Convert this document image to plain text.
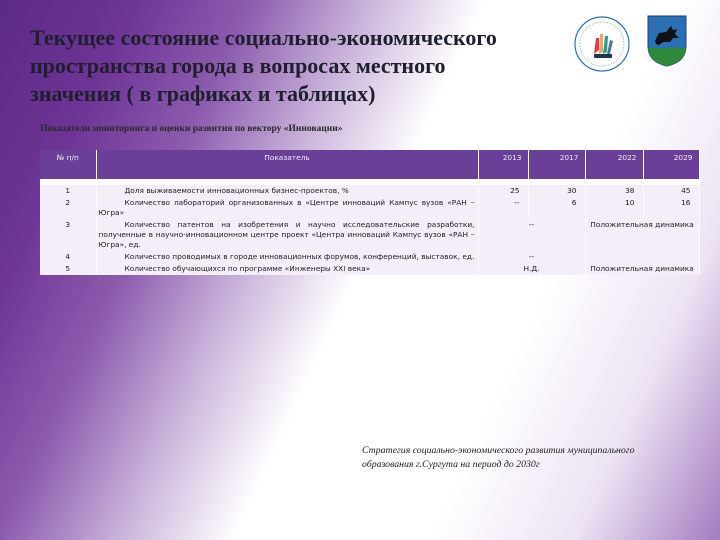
Текущее состояние социально-экономического
пространства города в вопросах местного
значения ( в графиках и таблицах)

Показатели мониторинга и оценки развития по вектору «Инновации»

№ п/п	Показатель	2013	2017	2022	2029
1	Доля выживаемости инновационных бизнес-проектов, %	25	30	38	45
2	Количество лабораторий организованных в «Центре инноваций Кампус вузов «РАН – Югра»	--	6	10	16
3	Количество патентов на изобретения и научно исследовательские разработки, полученные в научно-инновационном центре проект «Центра инноваций Кампус вузов «РАН – Югра», ед.	--		Положительная динамика	
4	Количество проводимых в городе инновационных форумов, конференций, выставок, ед.	--			
5	Количество обучающихся по программе «Инженеры XXI века»	Н.Д.		Положительная динамика	

Стратегия социально-экономического развития муниципального
образования г.Сургута на период до 2030г
